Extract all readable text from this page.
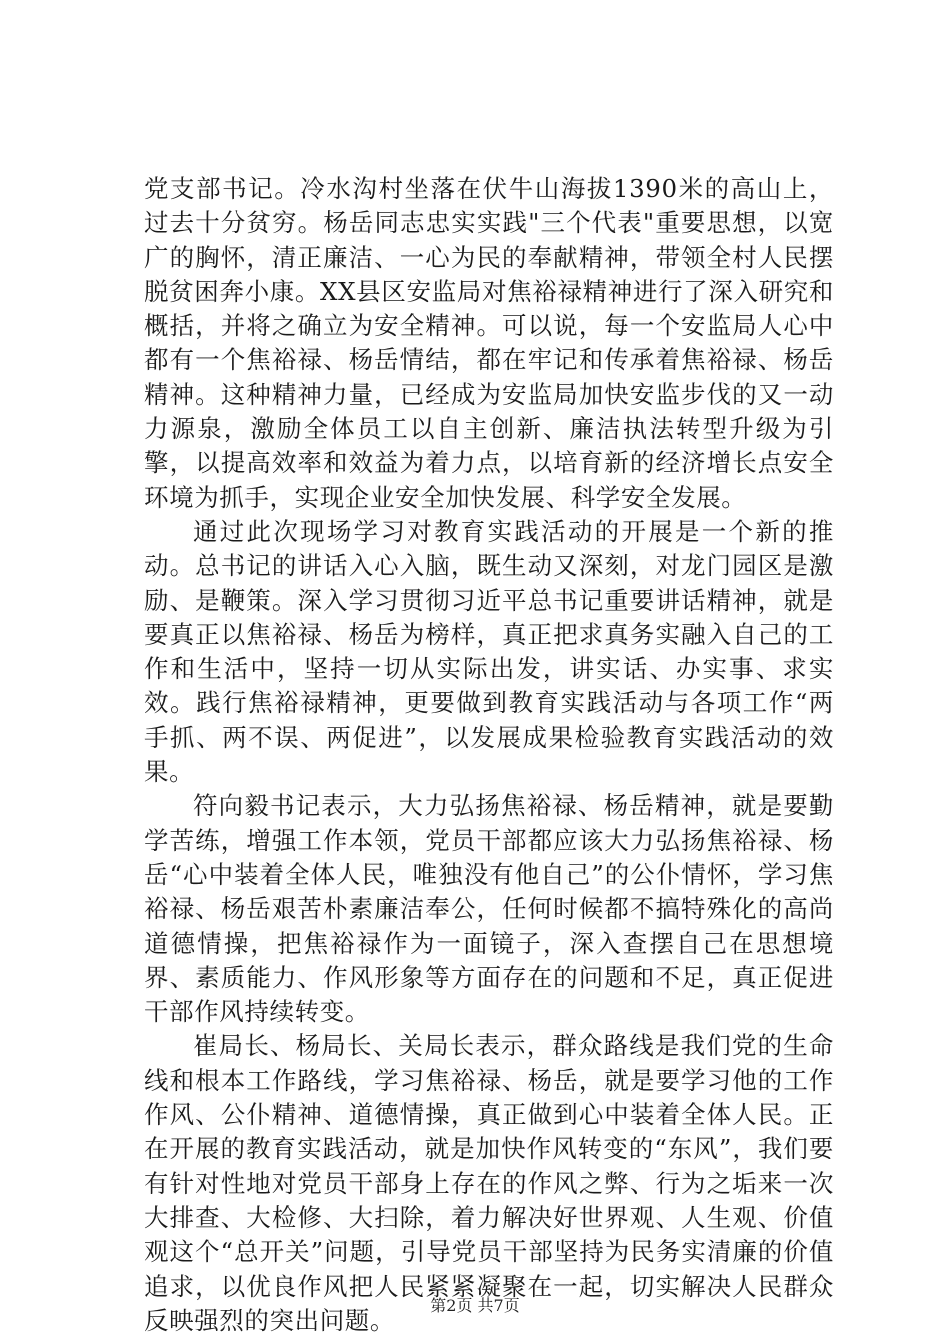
党支部书记。冷水沟村坐落在伏牛山海拔1390米的高山上，过去十分贫穷。杨岳同志忠实实践"三个代表"重要思想，以宽广的胸怀，清正廉洁、一心为民的奉献精神，带领全村人民摆脱贫困奔小康。XX县区安监局对焦裕禄精神进行了深入研究和概括，并将之确立为安全精神。可以说，每一个安监局人心中都有一个焦裕禄、杨岳情结，都在牢记和传承着焦裕禄、杨岳精神。这种精神力量，已经成为安监局加快安监步伐的又一动力源泉，激励全体员工以自主创新、廉洁执法转型升级为引擎，以提高效率和效益为着力点，以培育新的经济增长点安全环境为抓手，实现企业安全加快发展、科学安全发展。

通过此次现场学习对教育实践活动的开展是一个新的推动。总书记的讲话入心入脑，既生动又深刻，对龙门园区是激励、是鞭策。深入学习贯彻习近平总书记重要讲话精神，就是要真正以焦裕禄、杨岳为榜样，真正把求真务实融入自己的工作和生活中，坚持一切从实际出发，讲实话、办实事、求实效。践行焦裕禄精神，更要做到教育实践活动与各项工作“两手抓、两不误、两促进”，以发展成果检验教育实践活动的效果。

符向毅书记表示，大力弘扬焦裕禄、杨岳精神，就是要勤学苦练，增强工作本领，党员干部都应该大力弘扬焦裕禄、杨岳“心中装着全体人民，唯独没有他自己”的公仆情怀，学习焦裕禄、杨岳艰苦朴素廉洁奉公，任何时候都不搞特殊化的高尚道德情操，把焦裕禄作为一面镜子，深入查摆自己在思想境界、素质能力、作风形象等方面存在的问题和不足，真正促进干部作风持续转变。

崔局长、杨局长、关局长表示，群众路线是我们党的生命线和根本工作路线，学习焦裕禄、杨岳，就是要学习他的工作作风、公仆精神、道德情操，真正做到心中装着全体人民。正在开展的教育实践活动，就是加快作风转变的“东风”，我们要有针对性地对党员干部身上存在的作风之弊、行为之垢来一次大排查、大检修、大扫除，着力解决好世界观、人生观、价值观这个“总开关”问题，引导党员干部坚持为民务实清廉的价值追求，以优良作风把人民紧紧凝聚在一起，切实解决人民群众反映强烈的突出问题。

第2页 共7页
